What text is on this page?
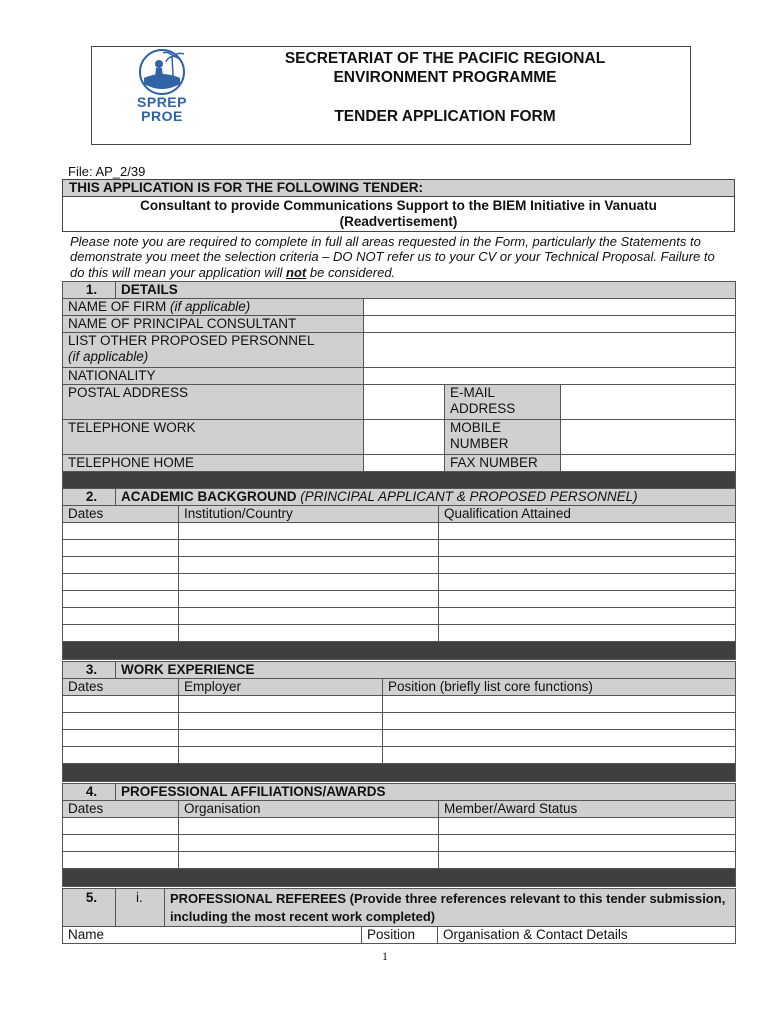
SPREP
PROE
SECRETARIAT OF THE PACIFIC REGIONAL
ENVIRONMENT PROGRAMME
TENDER APPLICATION FORM
File: AP_2/39
THIS APPLICATION IS FOR THE FOLLOWING TENDER:
Consultant to provide Communications Support to the BIEM Initiative in Vanuatu
(Readvertisement)
Please note you are required to complete in full all areas requested in the Form, particularly the Statements to demonstrate you meet the selection criteria – DO NOT refer us to your CV or your Technical Proposal. Failure to do this will mean your application will not be considered.
1.	DETAILS			
NAME OF FIRM (if applicable)				
NAME OF PRINCIPAL CONSULTANT				
LIST OTHER PROPOSED PERSONNEL
(if applicable)				
NATIONALITY				
POSTAL ADDRESS			E-MAIL
ADDRESS	
TELEPHONE WORK			MOBILE
NUMBER	
TELEPHONE HOME			FAX NUMBER	

2.	ACADEMIC BACKGROUND (PRINCIPAL APPLICANT & PROPOSED PERSONNEL)		
Dates		Institution/Country	Qualification Attained

3.	WORK EXPERIENCE		
Dates		Employer	Position (briefly list core functions)

4.	PROFESSIONAL AFFILIATIONS/AWARDS		
Dates		Organisation	Member/Award Status

5.	i.	PROFESSIONAL REFEREES (Provide three references relevant to this tender submission, including the most recent work completed)		
Name			Position	Organisation & Contact Details
1
